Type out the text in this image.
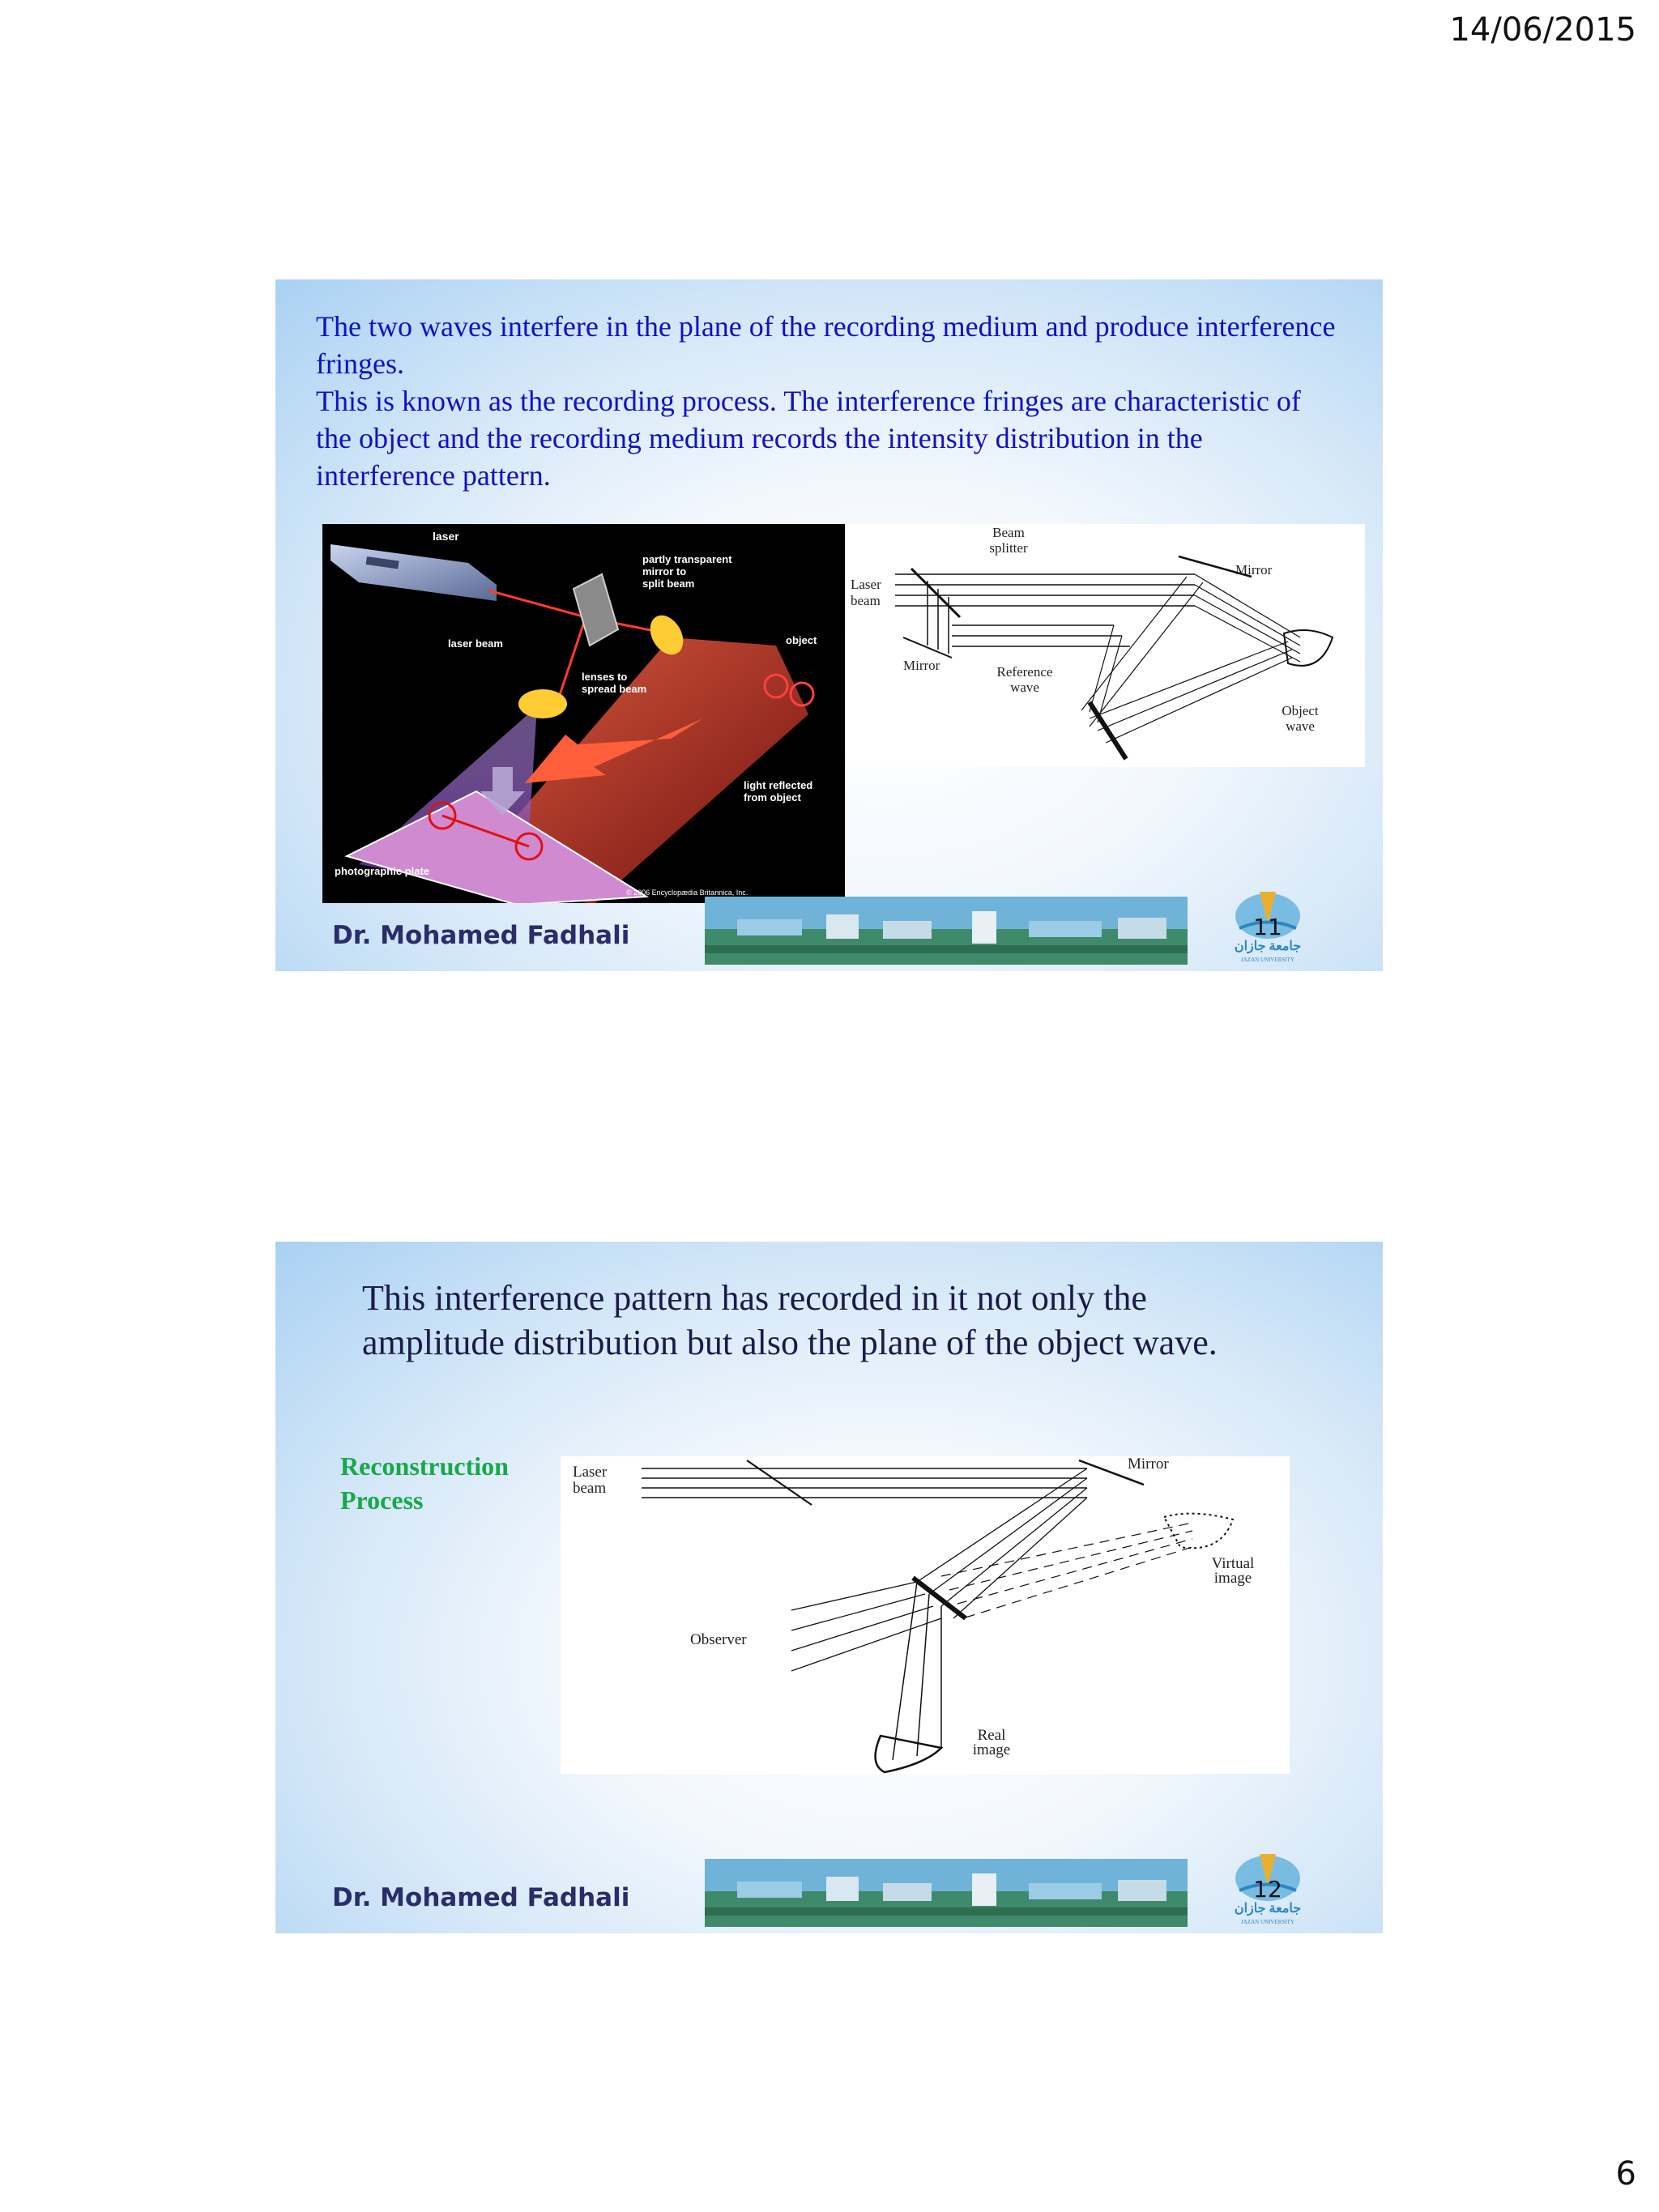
14/06/2015

The two waves interfere in the plane of the recording medium and produce interference fringes.

This is known as the recording process. The interference fringes are characteristic of the object and the recording medium records the intensity distribution in the interference pattern.

laser
partly transparent
mirror to
split beam
laser beam	object
lenses to
spread beam
light reflected
from object
photographic plate
© 2006 Encyclopædia Britannica, Inc.
Beam
splitter
Laser
beam
Mirror
Mirror	Reference
wave
Object
wave
Dr. Mohamed Fadhali	جامعة جازان
JAZAN UNIVERSITY
11
This interference pattern has recorded in it not only the
amplitude distribution but also the plane of the object wave.
Reconstruction
Process
Laser
beam
Mirror
Virtual
image
Observer
Real
image
Dr. Mohamed Fadhali	جامعة جازان
JAZAN UNIVERSITY
12
6
